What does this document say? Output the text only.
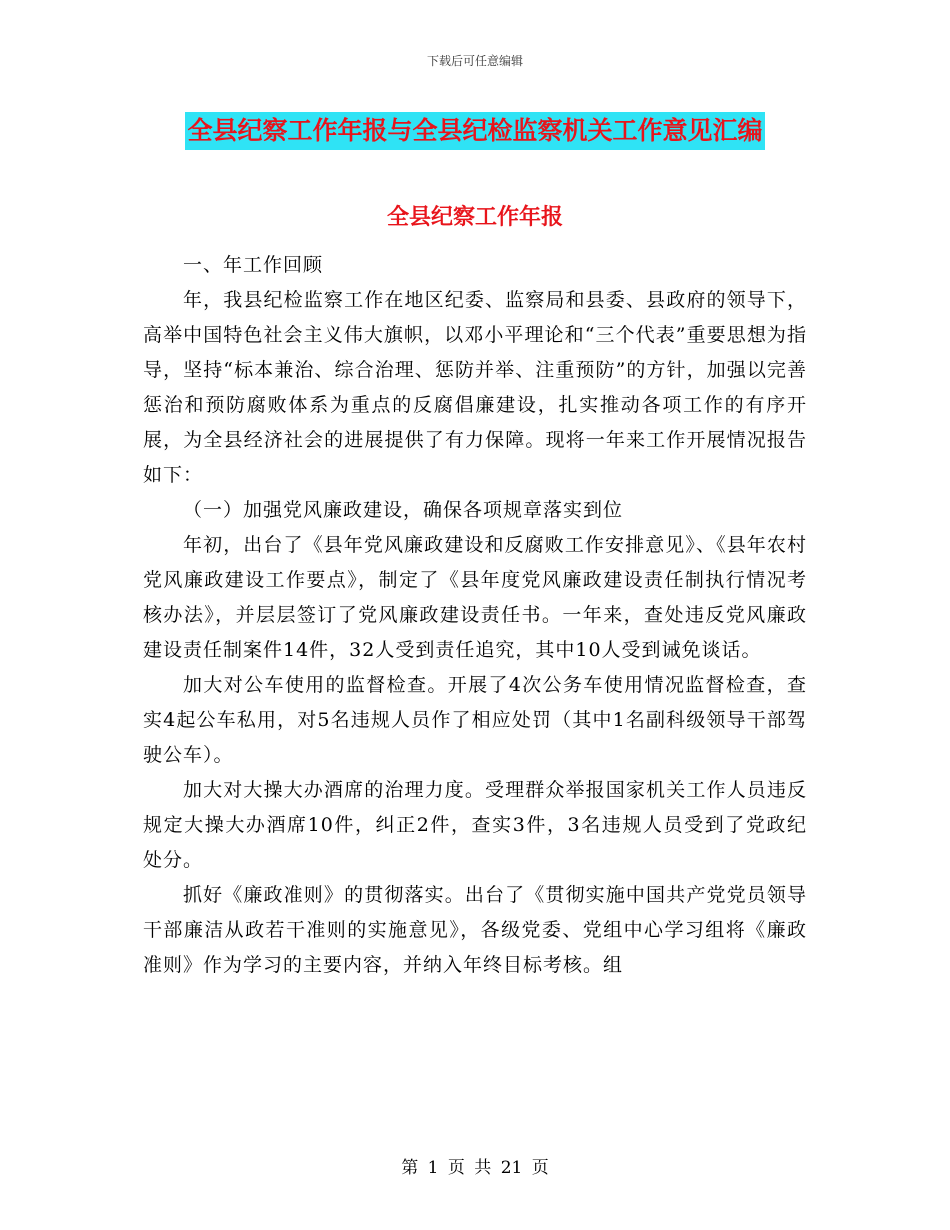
下载后可任意编辑
全县纪察工作年报与全县纪检监察机关工作意见汇编
全县纪察工作年报

一、年工作回顾

年，我县纪检监察工作在地区纪委、监察局和县委、县政府的领导下，高举中国特色社会主义伟大旗帜，以邓小平理论和“三个代表”重要思想为指导，坚持“标本兼治、综合治理、惩防并举、注重预防”的方针，加强以完善惩治和预防腐败体系为重点的反腐倡廉建设，扎实推动各项工作的有序开展，为全县经济社会的进展提供了有力保障。现将一年来工作开展情况报告如下：

（一）加强党风廉政建设，确保各项规章落实到位

年初，出台了《县年党风廉政建设和反腐败工作安排意见》、《县年农村党风廉政建设工作要点》，制定了《县年度党风廉政建设责任制执行情况考核办法》，并层层签订了党风廉政建设责任书。一年来，查处违反党风廉政建设责任制案件14件，32人受到责任追究，其中10人受到诫免谈话。

加大对公车使用的监督检查。开展了4次公务车使用情况监督检查，查实4起公车私用，对5名违规人员作了相应处罚（其中1名副科级领导干部驾驶公车）。

加大对大操大办酒席的治理力度。受理群众举报国家机关工作人员违反规定大操大办酒席10件，纠正2件，查实3件，3名违规人员受到了党政纪处分。

抓好《廉政准则》的贯彻落实。出台了《贯彻实施中国共产党党员领导干部廉洁从政若干准则的实施意见》，各级党委、党组中心学习组将《廉政准则》作为学习的主要内容，并纳入年终目标考核。组

第 1 页 共 21 页
